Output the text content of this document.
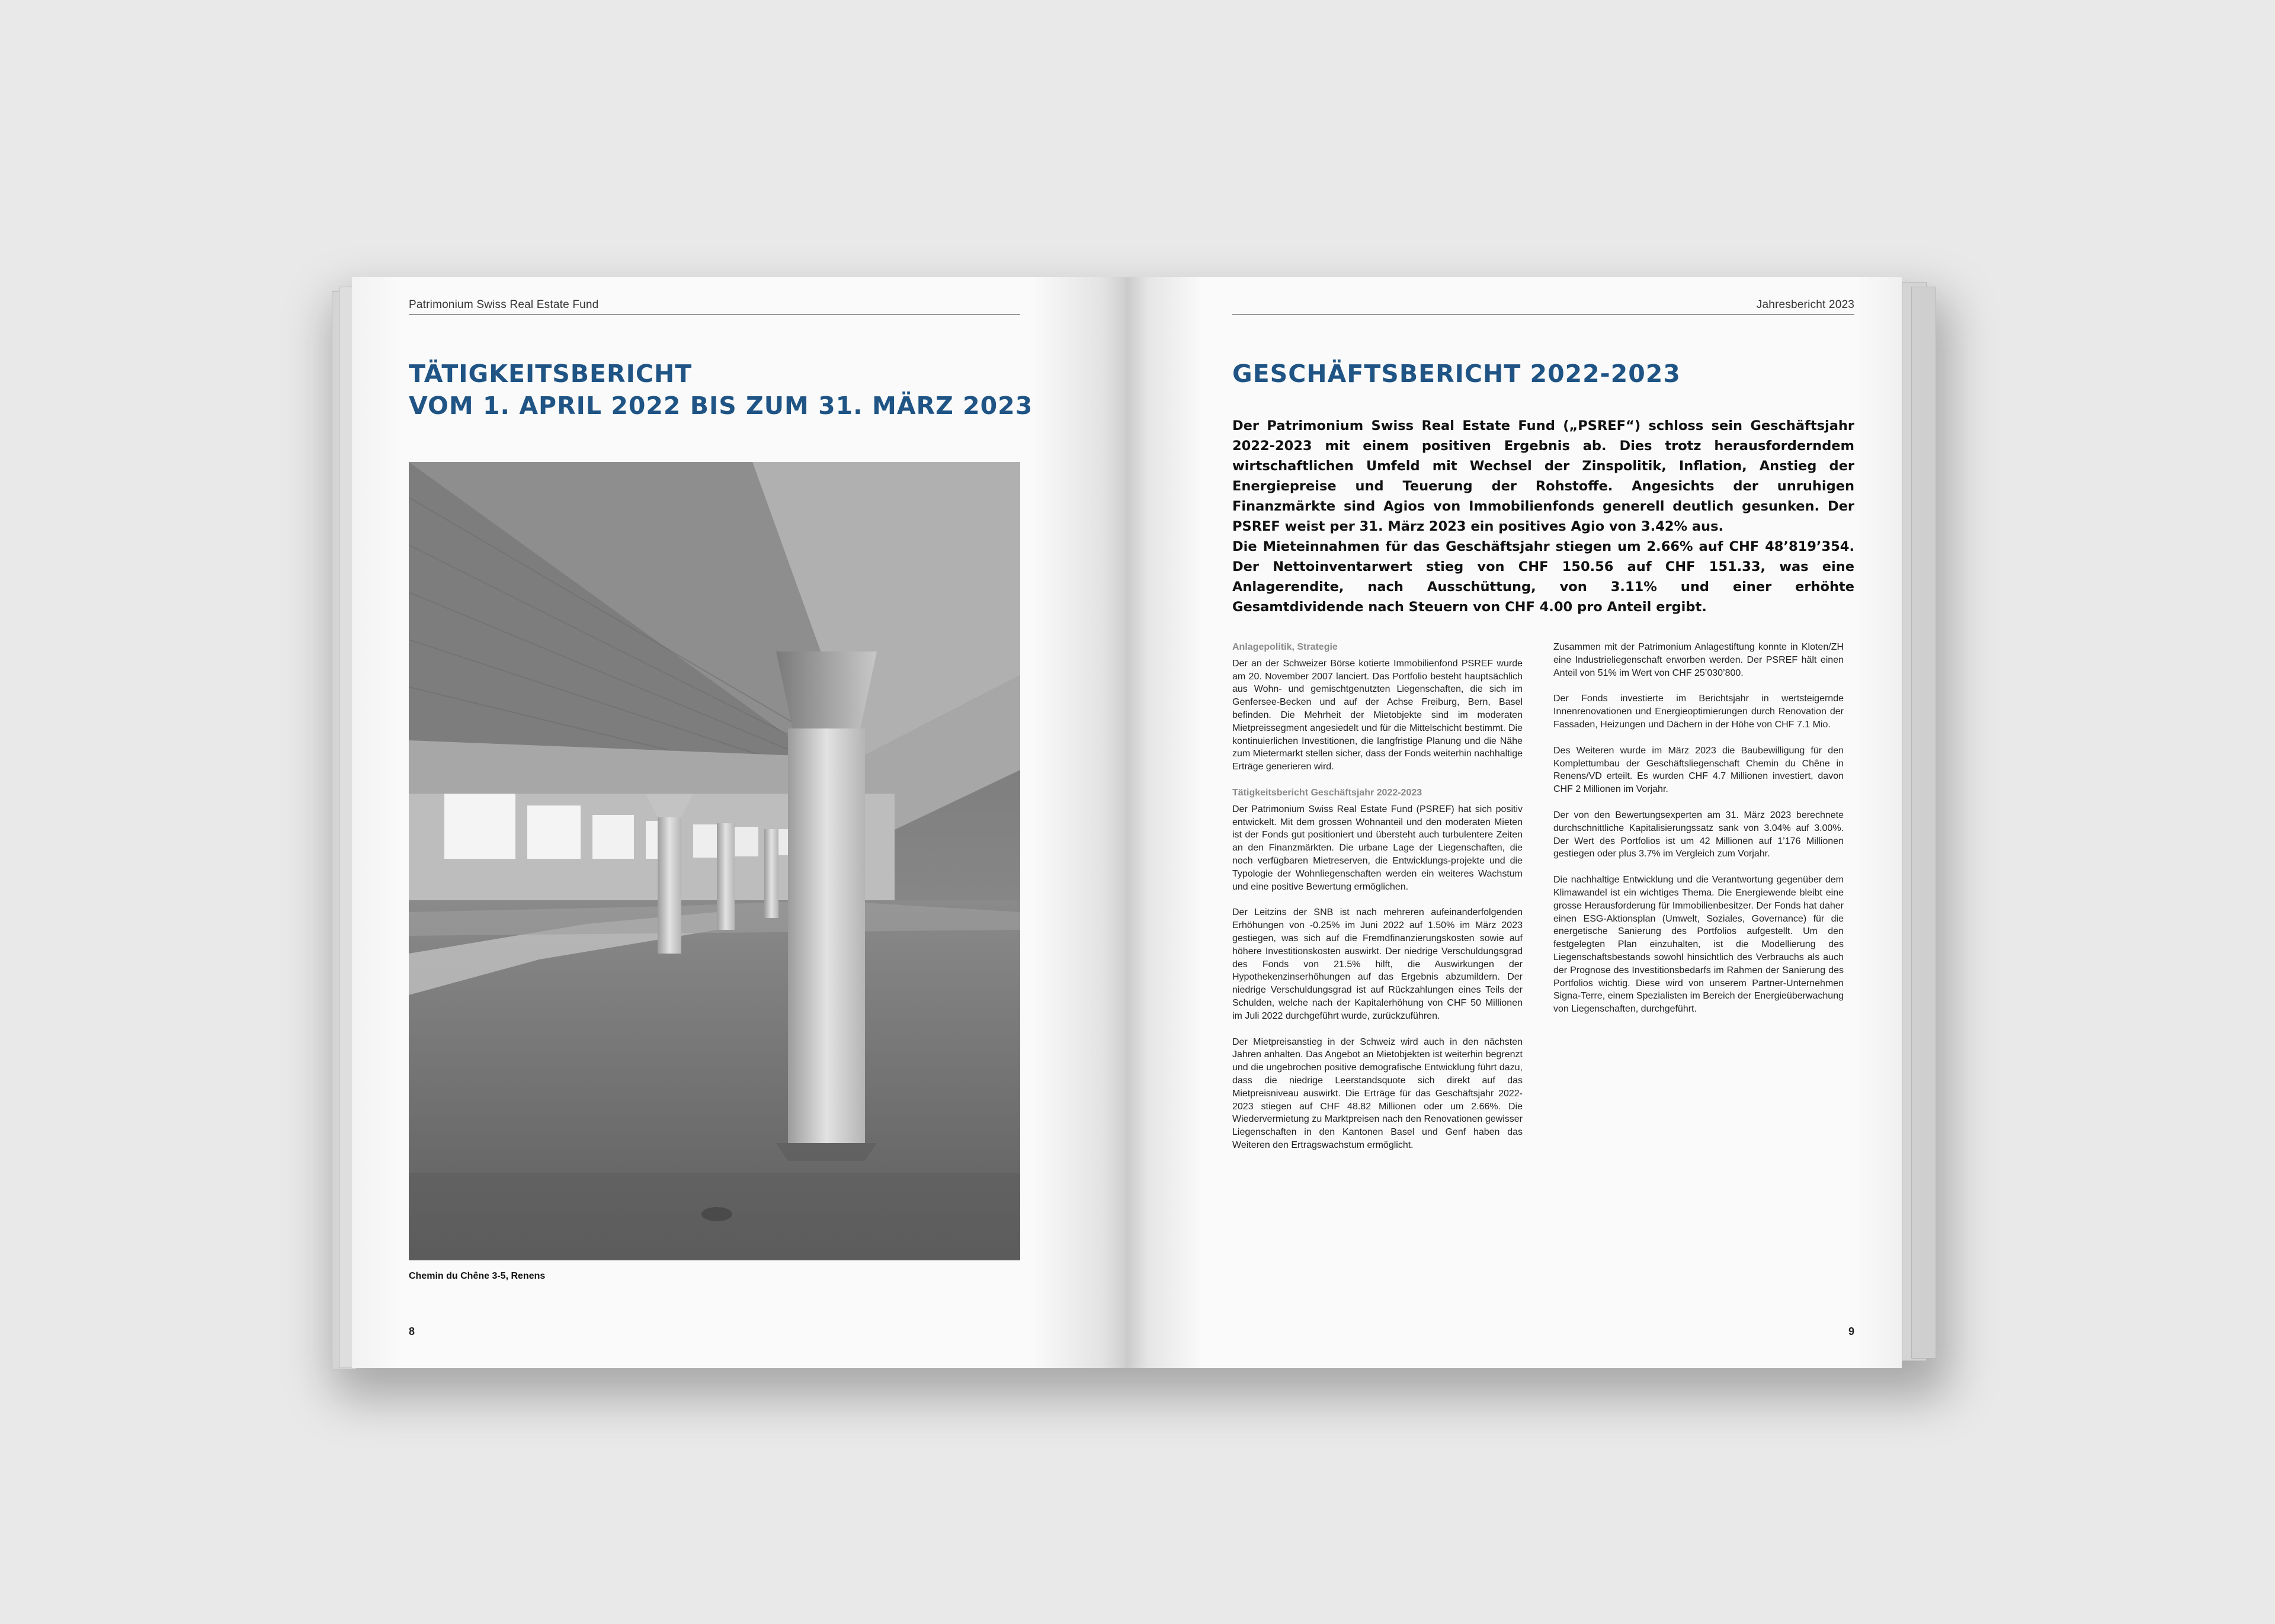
Patrimonium Swiss Real Estate Fund
TÄTIGKEITSBERICHT
VOM 1. APRIL 2022 BIS ZUM 31. MÄRZ 2023
Chemin du Chêne 3-5, Renens
8
Jahresbericht 2023
GESCHÄFTSBERICHT 2022-2023

Der Patrimonium Swiss Real Estate Fund („PSREF“) schloss sein Geschäftsjahr 2022-2023 mit einem positiven Ergebnis ab. Dies trotz herausforderndem wirtschaftlichen Umfeld mit Wechsel der Zinspolitik, Inflation, Anstieg der Energiepreise und Teuerung der Rohstoffe. Angesichts der unruhigen Finanzmärkte sind Agios von Immobilienfonds generell deutlich gesunken. Der PSREF weist per 31. März 2023 ein positives Agio von 3.42% aus.

Die Mieteinnahmen für das Geschäftsjahr stiegen um 2.66% auf CHF 48’819’354. Der Nettoinventarwert stieg von CHF 150.56 auf CHF 151.33, was eine Anlagerendite, nach Ausschüttung, von 3.11% und einer erhöhte Gesamtdividende nach Steuern von CHF 4.00 pro Anteil ergibt.

Anlagepolitik, Strategie

Der an der Schweizer Börse kotierte Immobilienfond PSREF wurde am 20. November 2007 lanciert. Das Portfolio besteht hauptsächlich aus Wohn- und gemischtgenutzten Liegenschaften, die sich im Genfersee-Becken und auf der Achse Freiburg, Bern, Basel befinden. Die Mehrheit der Mietobjekte sind im moderaten Mietpreissegment angesiedelt und für die Mittelschicht bestimmt. Die kontinuierlichen Investitionen, die langfristige Planung und die Nähe zum Mietermarkt stellen sicher, dass der Fonds weiterhin nachhaltige Erträge generieren wird.

Tätigkeitsbericht Geschäftsjahr 2022-2023

Der Patrimonium Swiss Real Estate Fund (PSREF) hat sich positiv entwickelt. Mit dem grossen Wohnanteil und den moderaten Mieten ist der Fonds gut positioniert und übersteht auch turbulentere Zeiten an den Finanzmärkten. Die urbane Lage der Liegenschaften, die noch verfügbaren Mietreserven, die Entwicklungs-projekte und die Typologie der Wohnliegenschaften werden ein weiteres Wachstum und eine positive Bewertung ermöglichen.

Der Leitzins der SNB ist nach mehreren aufeinanderfolgenden Erhöhungen von -0.25% im Juni 2022 auf 1.50% im März 2023 gestiegen, was sich auf die Fremdfinanzierungskosten sowie auf höhere Investitionskosten auswirkt. Der niedrige Verschuldungsgrad des Fonds von 21.5% hilft, die Auswirkungen der Hypothekenzinserhöhungen auf das Ergebnis abzumildern. Der niedrige Verschuldungsgrad ist auf Rückzahlungen eines Teils der Schulden, welche nach der Kapitalerhöhung von CHF 50 Millionen im Juli 2022 durchgeführt wurde, zurückzuführen.

Der Mietpreisanstieg in der Schweiz wird auch in den nächsten Jahren anhalten. Das Angebot an Mietobjekten ist weiterhin begrenzt und die ungebrochen positive demografische Entwicklung führt dazu, dass die niedrige Leerstandsquote sich direkt auf das Mietpreisniveau auswirkt. Die Erträge für das Geschäftsjahr 2022-2023 stiegen auf CHF 48.82 Millionen oder um 2.66%. Die Wiedervermietung zu Marktpreisen nach den Renovationen gewisser Liegenschaften in den Kantonen Basel und Genf haben das Weiteren den Ertragswachstum ermöglicht.

Zusammen mit der Patrimonium Anlagestiftung konnte in Kloten/ZH eine Industrieliegenschaft erworben werden. Der PSREF hält einen Anteil von 51% im Wert von CHF 25’030’800.

Der Fonds investierte im Berichtsjahr in wertsteigernde Innenrenovationen und Energieoptimierungen durch Renovation der Fassaden, Heizungen und Dächern in der Höhe von CHF 7.1 Mio.

Des Weiteren wurde im März 2023 die Baubewilligung für den Komplettumbau der Geschäftsliegenschaft Chemin du Chêne in Renens/VD erteilt. Es wurden CHF 4.7 Millionen investiert, davon CHF 2 Millionen im Vorjahr.

Der von den Bewertungsexperten am 31. März 2023 berechnete durchschnittliche Kapitalisierungssatz sank von 3.04% auf 3.00%. Der Wert des Portfolios ist um 42 Millionen auf 1’176 Millionen gestiegen oder plus 3.7% im Vergleich zum Vorjahr.

Die nachhaltige Entwicklung und die Verantwortung gegenüber dem Klimawandel ist ein wichtiges Thema. Die Energiewende bleibt eine grosse Herausforderung für Immobilienbesitzer. Der Fonds hat daher einen ESG-Aktionsplan (Umwelt, Soziales, Governance) für die energetische Sanierung des Portfolios aufgestellt. Um den festgelegten Plan einzuhalten, ist die Modellierung des Liegenschaftsbestands sowohl hinsichtlich des Verbrauchs als auch der Prognose des Investitionsbedarfs im Rahmen der Sanierung des Portfolios wichtig. Diese wird von unserem Partner-Unternehmen Signa-Terre, einem Spezialisten im Bereich der Energieüberwachung von Liegenschaften, durchgeführt.

9
